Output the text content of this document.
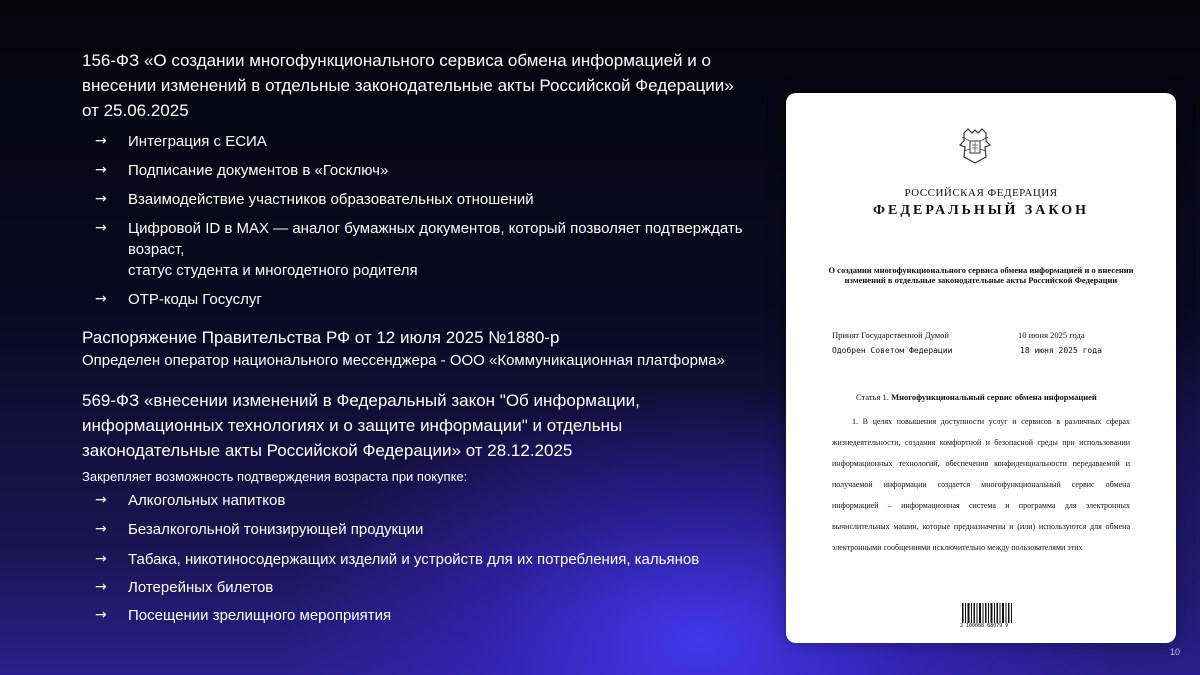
156-ФЗ «О создании многофункционального сервиса обмена информацией и о внесении изменений в отдельные законодательные акты Российской Федерации» от 25.06.2025
→ Интеграция с ЕСИА
→ Подписание документов в «Госключ»
→ Взаимодействие участников образовательных отношений
→ Цифровой ID в MAX — аналог бумажных документов, который позволяет подтверждать возраст,
статус студента и многодетного родителя
→ ОТР-коды Госуслуг
Распоряжение Правительства РФ от 12 июля 2025 №1880-р
Определен оператор национального мессенджера - ООО «Коммуникационная платформа»
569-ФЗ «внесении изменений в Федеральный закон "Об информации, информационных технологиях и о защите информации" и отдельны законодательные акты Российской Федерации» от 28.12.2025
Закрепляет возможность подтверждения возраста при покупке:
→ Алкогольных напитков
→ Безалкогольной тонизирующей продукции
→ Табака, никотиносодержащих изделий и устройств для их потребления, кальянов
→ Лотерейных билетов
→ Посещении зрелищного мероприятия
РОССИЙСКАЯ ФЕДЕРАЦИЯ
ФЕДЕРАЛЬНЫЙ ЗАКОН
О создании многофункционального сервиса обмена информацией и о внесении изменений в отдельные законодательные акты Российской Федерации
Принят Государственной Думой	10 июня 2025 года
Одобрен Советом Федерации	18 июня 2025 года
Статья 1. Многофункциональный сервис обмена информацией

1. В целях повышения доступности услуг и сервисов в различных сферах жизнедеятельности, создания комфортной и безопасной среды при использовании информационных технологий, обеспечения конфиденциальности передаваемой и получаемой информации создается многофункциональный сервис обмена информацией – информационная система и программа для электронных вычислительных машин, которые предназначены и (или) используются для обмена электронными сообщениями исключительно между пользователями этих

2 100088 68079 9
10
